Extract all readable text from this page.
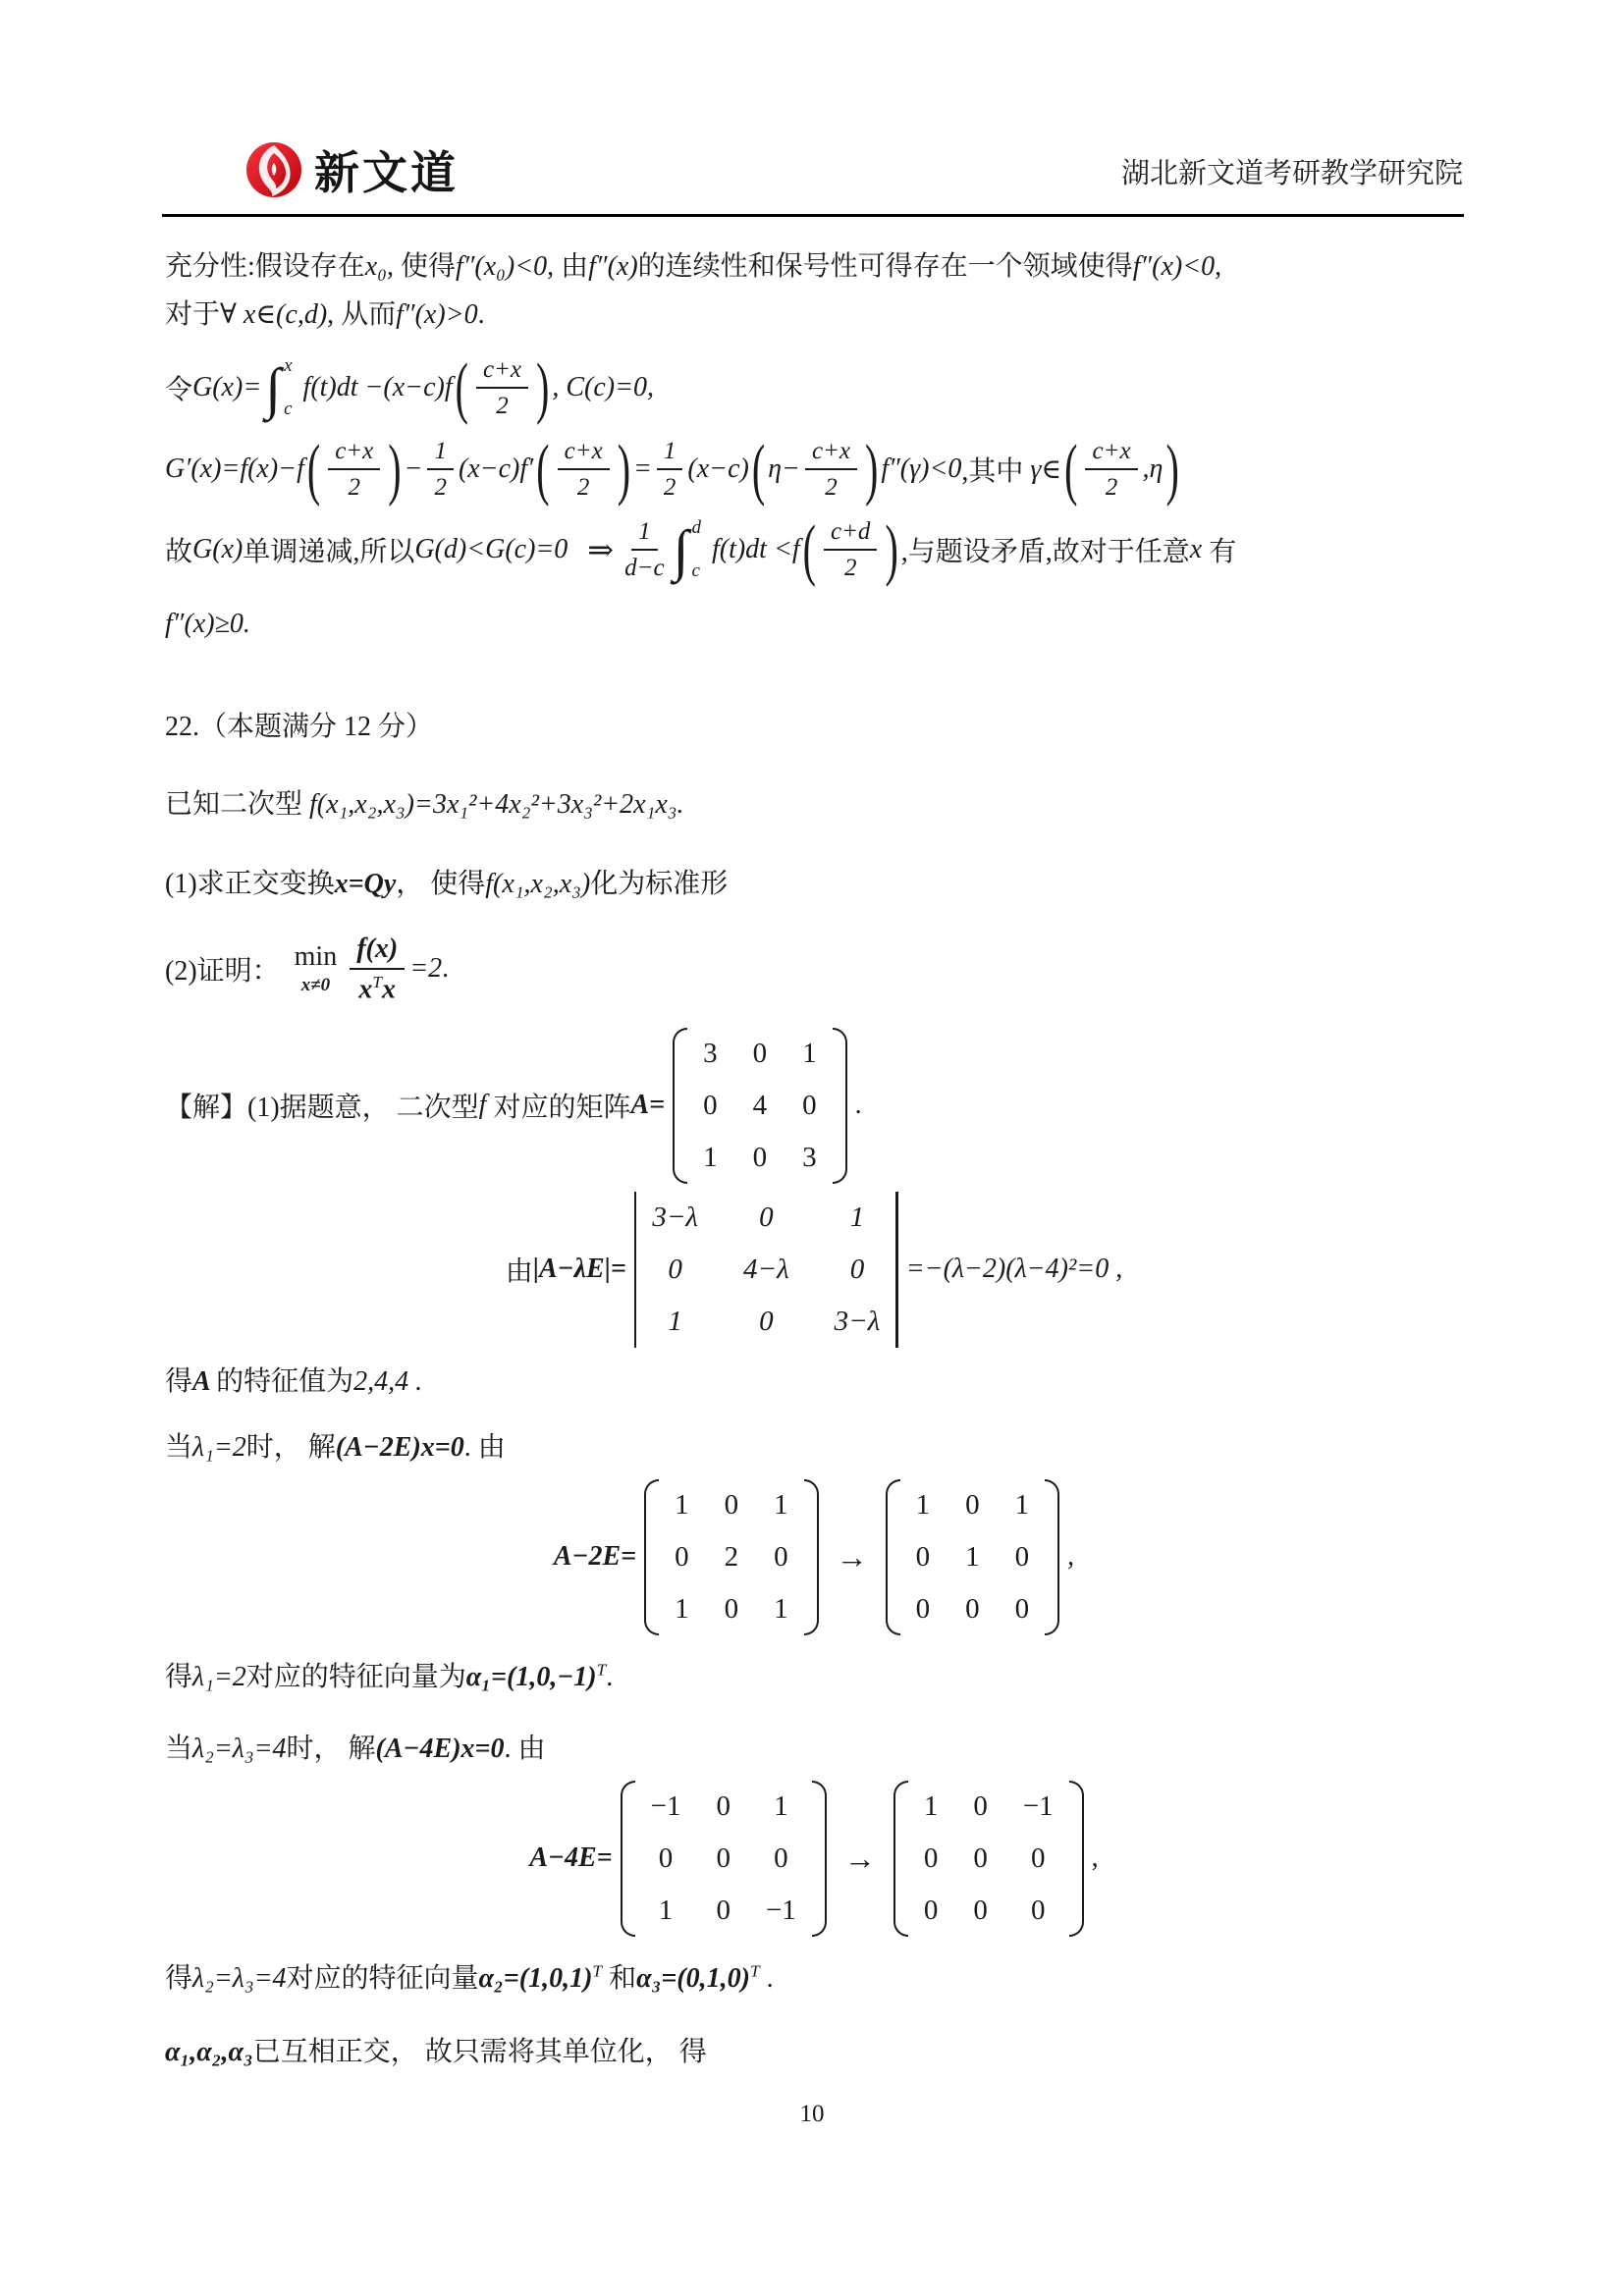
新文道	湖北新文道考研教学研究院
充分性:假设存在x₀, 使得f″(x₀)<0, 由f″(x)的连续性和保号性可得存在一个领域使得f″(x)<0,
对于∀ x∈(c,d), 从而f″(x)>0.
令 G(x)= ∫ x
c
f(t)dt −(x−c)f ( $\frac{c+x}{2}$ ) , C(c)=0,
G′(x)=f(x)−f ( $\frac{c+x}{2}$ ) − $\frac{1}{2} (x-c)f'$ ( $\frac{c+x}{2}$ ) = $\frac{1}{2} (x-c)$ ( $\eta- \frac{c+x}{2}$ ) f″(γ)<0 ,其中 γ∈ ( $\frac{c+x}{2} ,\eta$ )
故 G(x) 单调递减,所以 G(d)<G(c)=0 ⇒ $\frac{1}{d-c}$ ∫ d
c
f(t)dt <f ( $\frac{c+d}{2}$ ) ,与题设矛盾,故对于任意 x 有
f″(x)≥0.
22.（本题满分 12 分）
已知二次型 f(x₁,x₂,x₃)=3x₁²+4x₂²+3x₃²+2x₁x₃.
(1)求正交变换x=Qy， 使得f(x₁,x₂,x₃)化为标准形
(2)证明： min
$x\ne 0 \frac{f(x)}{x^Tx} =2$ .
【解】(1)据题意， 二次型 f 对应的矩阵 A=
3 0 1
0 4 0
1 0 3
.
由 |A−λE|=
3−λ 0	1
0 4−λ 0
1	0 3−λ
=−(λ−2)(λ−4)²=0 ,
得A 的特征值为2,4,4 .
当λ₁=2时， 解(A−2E)x=0. 由
A−2E=
1 0 1
0 2 0
1 0 1
→
1 0 1
0 1 0
0 0 0
,
得λ₁=2对应的特征向量为$\alpha_1=(1,0,-1)^T$.
当λ₂=λ₃=4时， 解(A−4E)x=0. 由
A−4E=
−1 0 1
0 0 0
1 0 −1
→
1 0 −1
0 0 0
0 0 0
,
得λ₂=λ₃=4对应的特征向量$\alpha_2=(1,0,1)^T$ 和$\alpha_3=(0,1,0)^T$ .
α₁,α₂,α₃已互相正交， 故只需将其单位化， 得
10
